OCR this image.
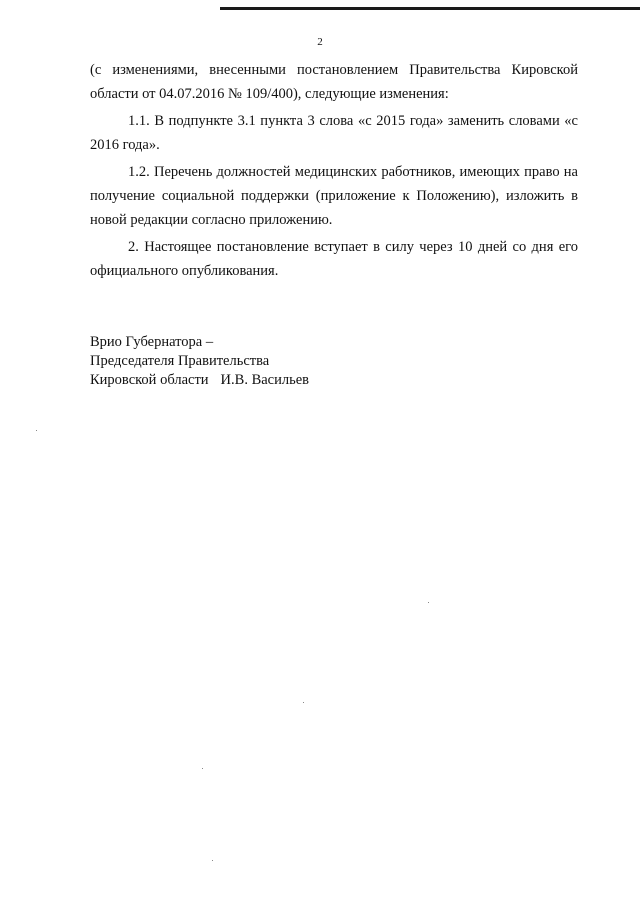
2

(с изменениями, внесенными постановлением Правительства Кировской области от 04.07.2016 № 109/400), следующие изменения:

1.1. В подпункте 3.1 пункта 3 слова «с 2015 года» заменить словами «с 2016 года».

1.2. Перечень должностей медицинских работников, имеющих право на получение социальной поддержки (приложение к Положению), изложить в новой редакции согласно приложению.

2. Настоящее постановление вступает в силу через 10 дней со дня его официального опубликования.

Врио Губернатора –
Председателя Правительства
Кировской области И.В. Васильев
